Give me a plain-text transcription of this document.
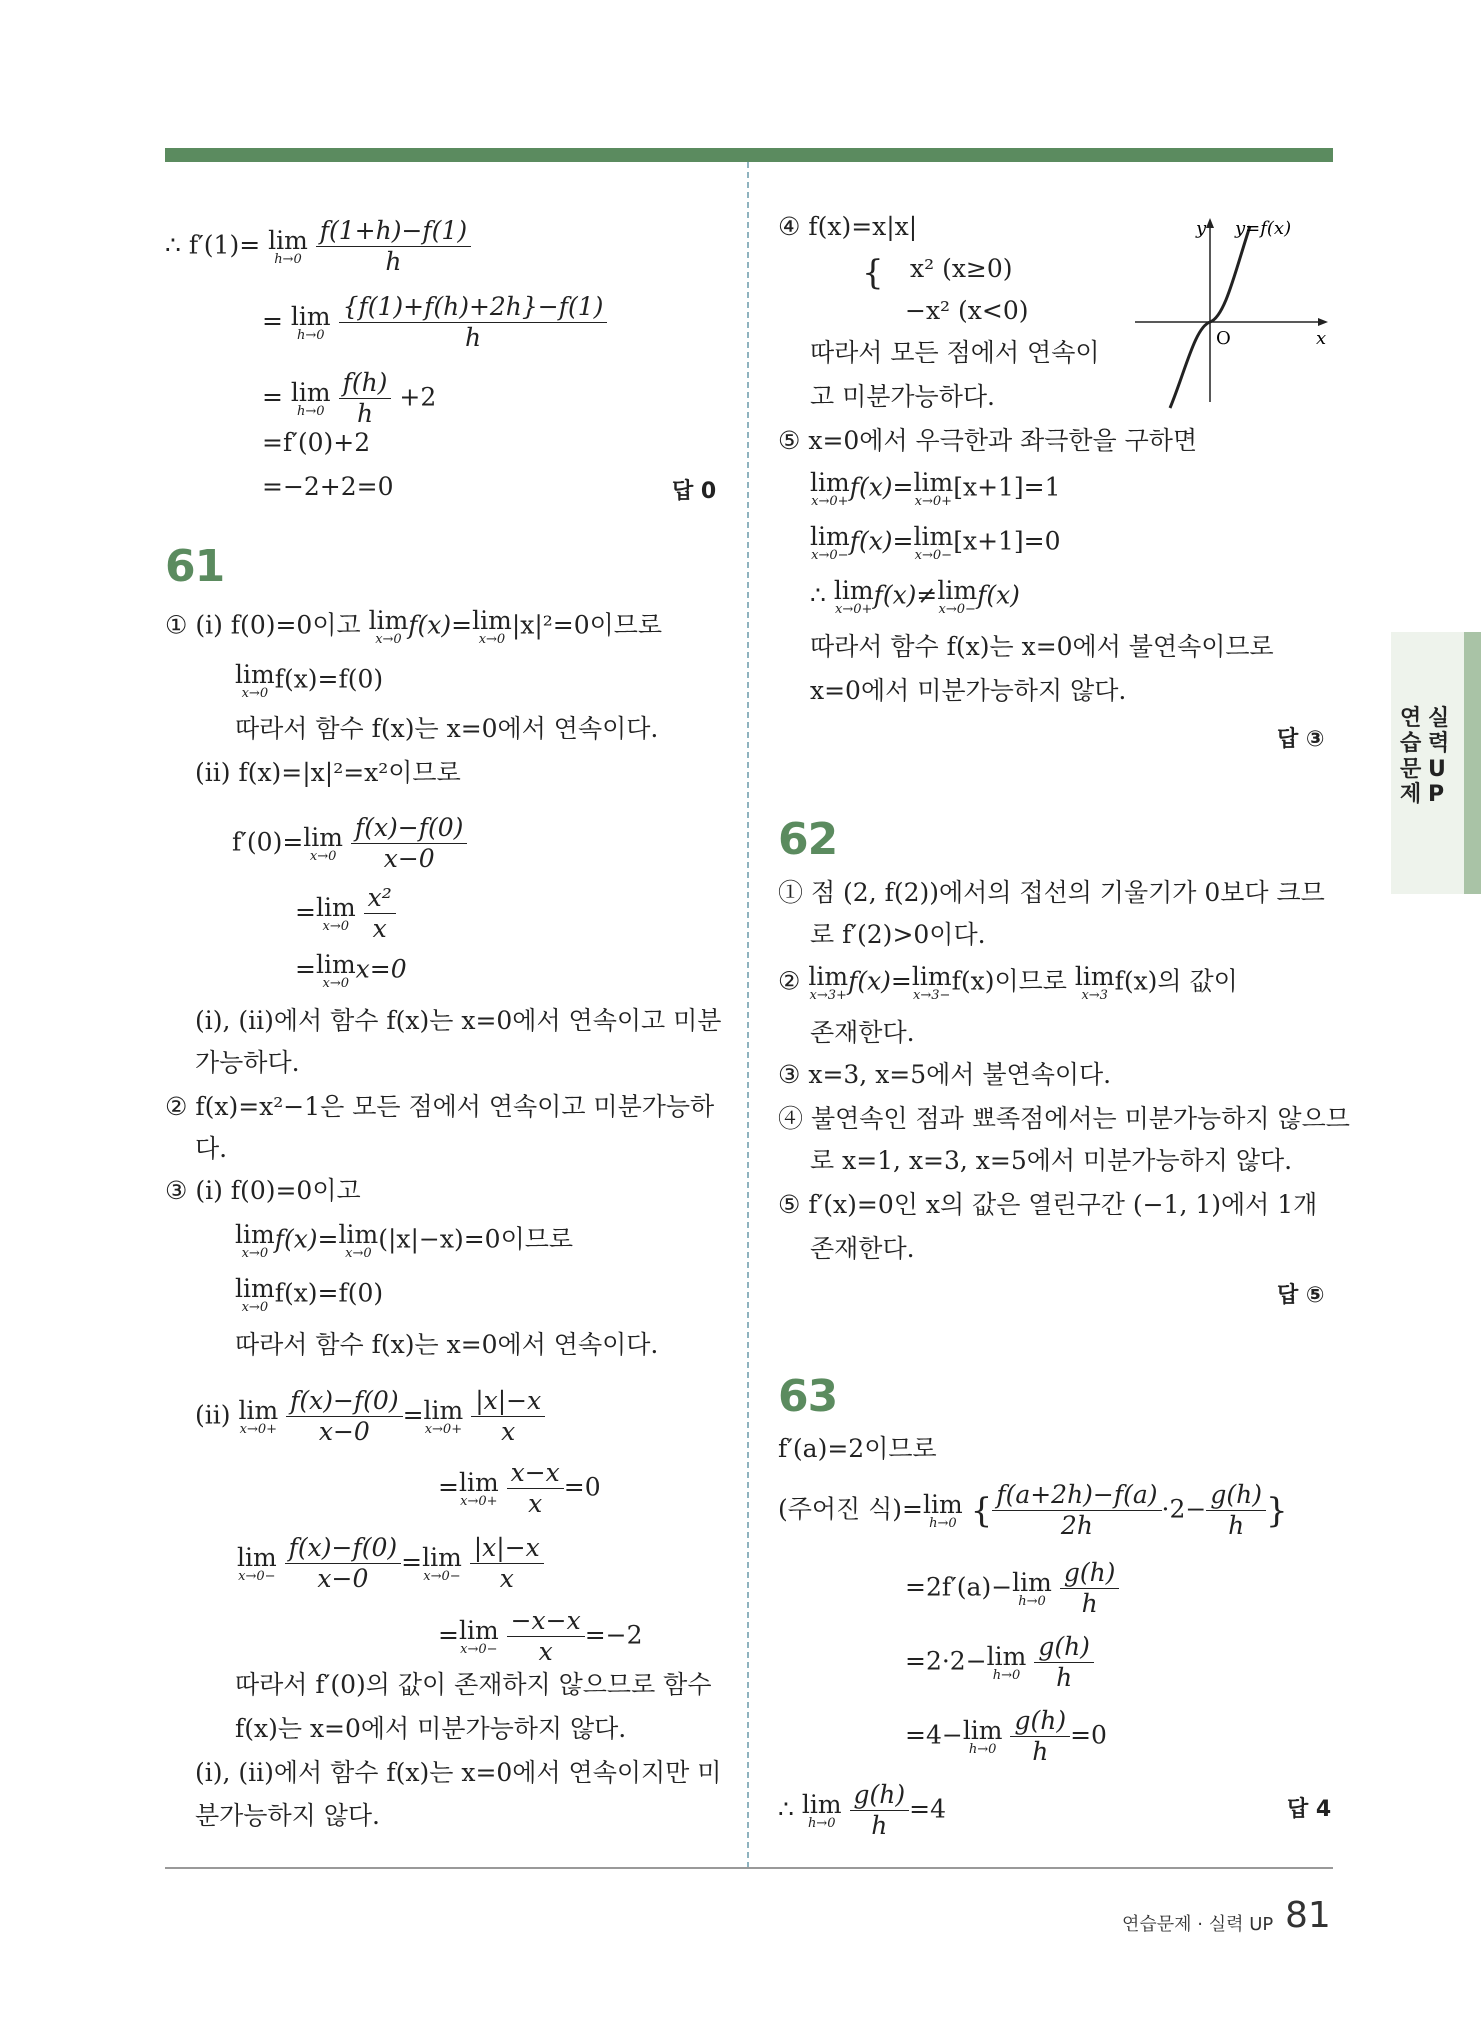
∴ f′(1)= lim
h→0
$\frac{f(1+h)-f(1)}{h}$
= lim
h→0
$\frac{\{f(1)+f(h)+2h\}-f(1)}{h}$
= lim
h→0
$\frac{f(h)}{h} +2$
=f′(0)+2
=−2+2=0	답 0
61
① (i) f(0)=0이고 lim
x→0 f(x)=lim
x→0 |x|²=0이므로
lim
x→0 f(x)=f(0)
따라서 함수 f(x)는 x=0에서 연속이다.
(ii) f(x)=|x|²=x²이므로
f′(0)=lim
x→0
$\frac{f(x)-f(0)}{x-0}$
=lim
x→0
$\frac{\text{x²}}{x}$
=lim
x→0 x=0
(i), (ii)에서 함수 f(x)는 x=0에서 연속이고 미분
가능하다.
② f(x)=x²−1은 모든 점에서 연속이고 미분가능하
다.
③ (i) f(0)=0이고
lim
x→0 f(x)=lim
x→0 (|x|−x)=0이므로
lim
x→0 f(x)=f(0)
따라서 함수 f(x)는 x=0에서 연속이다.
(ii) lim
x→0+
$\frac{f(x)-f(0)}{x-0} =\lim$
x→0+
$\frac{|x|-x}{x}$
=lim
x→0+
$\frac{x-x}{x} =0$
lim
x→0−
$\frac{f(x)-f(0)}{x-0} =\lim$
x→0−
$\frac{|x|-x}{x}$
=lim
x→0−
$\frac{-x-x}{x} =-2$
따라서 f′(0)의 값이 존재하지 않으므로 함수
f(x)는 x=0에서 미분가능하지 않다.
(i), (ii)에서 함수 f(x)는 x=0에서 연속이지만 미
분가능하지 않다.
④ f(x)=x|x|
{ x² (x≥0)
−x² (x<0)
따라서 모든 점에서 연속이
고 미분가능하다.
y y=f(x)
O	x
⑤ x=0에서 우극한과 좌극한을 구하면
lim
x→0+ f(x)=lim
x→0+ [x+1]=1
lim
x→0− f(x)=lim
x→0− [x+1]=0
∴ lim
x→0+ f(x)≠lim
x→0− f(x)
따라서 함수 f(x)는 x=0에서 불연속이므로
x=0에서 미분가능하지 않다.
답 ③
62
① 점 (2, f(2))에서의 접선의 기울기가 0보다 크므
로 f′(2)>0이다.
② lim
x→3+ f(x)=lim
x→3− f(x)이므로 lim
x→3 f(x)의 값이
존재한다.
③ x=3, x=5에서 불연속이다.
④ 불연속인 점과 뾰족점에서는 미분가능하지 않으므
로 x=1, x=3, x=5에서 미분가능하지 않다.
⑤ f′(x)=0인 x의 값은 열린구간 (−1, 1)에서 1개
존재한다.
답 ⑤
63
f′(a)=2이므로
(주어진 식)=lim
h→0 { $\frac{f(a+2h)-f(a)}{2h} \cdot 2- \frac{g(h)}{h}$ }
=2f′(a)−lim
h→0
$\frac{g(h)}{h}$
=2·2−lim
h→0
$\frac{g(h)}{h}$
=4−lim
h→0
$\frac{g(h)}{h} =0$
∴ lim
h→0
$\frac{g(h)}{h} =4$	답 4
연
습
문
제
실
력
U
P
연습문제 · 실력 UP 81
